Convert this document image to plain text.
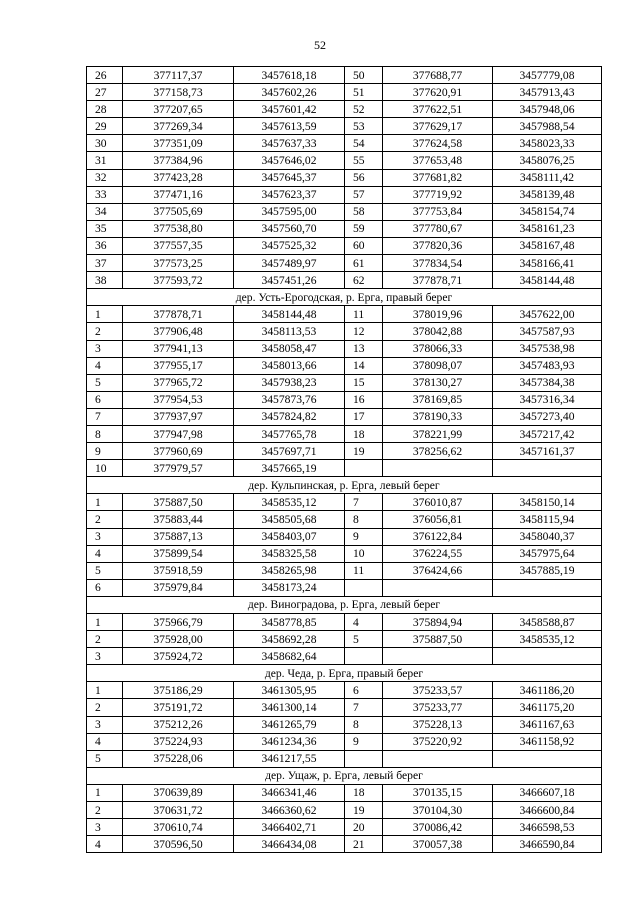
52
26	377117,37	3457618,18	50	377688,77	3457779,08
27	377158,73	3457602,26	51	377620,91	3457913,43
28	377207,65	3457601,42	52	377622,51	3457948,06
29	377269,34	3457613,59	53	377629,17	3457988,54
30	377351,09	3457637,33	54	377624,58	3458023,33
31	377384,96	3457646,02	55	377653,48	3458076,25
32	377423,28	3457645,37	56	377681,82	3458111,42
33	377471,16	3457623,37	57	377719,92	3458139,48
34	377505,69	3457595,00	58	377753,84	3458154,74
35	377538,80	3457560,70	59	377780,67	3458161,23
36	377557,35	3457525,32	60	377820,36	3458167,48
37	377573,25	3457489,97	61	377834,54	3458166,41
38	377593,72	3457451,26	62	377878,71	3458144,48
дер. Усть-Ерогодская, р. Ерга, правый берег					
1	377878,71	3458144,48	11	378019,96	3457622,00
2	377906,48	3458113,53	12	378042,88	3457587,93
3	377941,13	3458058,47	13	378066,33	3457538,98
4	377955,17	3458013,66	14	378098,07	3457483,93
5	377965,72	3457938,23	15	378130,27	3457384,38
6	377954,53	3457873,76	16	378169,85	3457316,34
7	377937,97	3457824,82	17	378190,33	3457273,40
8	377947,98	3457765,78	18	378221,99	3457217,42
9	377960,69	3457697,71	19	378256,62	3457161,37
10	377979,57	3457665,19			
дер. Кульпинская, р. Ерга, левый берег					
1	375887,50	3458535,12	7	376010,87	3458150,14
2	375883,44	3458505,68	8	376056,81	3458115,94
3	375887,13	3458403,07	9	376122,84	3458040,37
4	375899,54	3458325,58	10	376224,55	3457975,64
5	375918,59	3458265,98	11	376424,66	3457885,19
6	375979,84	3458173,24			
дер. Виноградова, р. Ерга, левый берег					
1	375966,79	3458778,85	4	375894,94	3458588,87
2	375928,00	3458692,28	5	375887,50	3458535,12
3	375924,72	3458682,64			
дер. Чеда, р. Ерга, правый берег					
1	375186,29	3461305,95	6	375233,57	3461186,20
2	375191,72	3461300,14	7	375233,77	3461175,20
3	375212,26	3461265,79	8	375228,13	3461167,63
4	375224,93	3461234,36	9	375220,92	3461158,92
5	375228,06	3461217,55			
дер. Ущаж, р. Ерга, левый берег					
1	370639,89	3466341,46	18	370135,15	3466607,18
2	370631,72	3466360,62	19	370104,30	3466600,84
3	370610,74	3466402,71	20	370086,42	3466598,53
4	370596,50	3466434,08	21	370057,38	3466590,84
